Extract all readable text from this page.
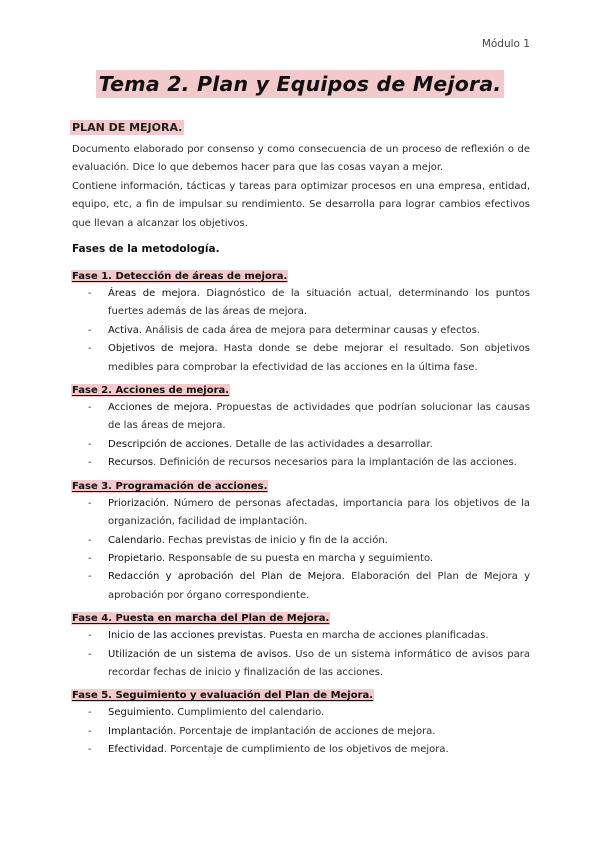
Módulo 1
Tema 2. Plan y Equipos de Mejora.
PLAN DE MEJORA.

Documento elaborado por consenso y como consecuencia de un proceso de reflexión o de evaluación. Dice lo que debemos hacer para que las cosas vayan a mejor.

Contiene información, tácticas y tareas para optimizar procesos en una empresa, entidad, equipo, etc, a fin de impulsar su rendimiento. Se desarrolla para lograr cambios efectivos que llevan a alcanzar los objetivos.

Fases de la metodología.
Fase 1. Detección de áreas de mejora.
- Áreas de mejora. Diagnóstico de la situación actual, determinando los puntos fuertes además de las áreas de mejora.
- Activa. Análisis de cada área de mejora para determinar causas y efectos.
- Objetivos de mejora. Hasta donde se debe mejorar el resultado. Son objetivos medibles para comprobar la efectividad de las acciones en la última fase.
Fase 2. Acciones de mejora.
- Acciones de mejora. Propuestas de actividades que podrían solucionar las causas de las áreas de mejora.
- Descripción de acciones. Detalle de las actividades a desarrollar.
- Recursos. Definición de recursos necesarios para la implantación de las acciones.
Fase 3. Programación de acciones.
- Priorización. Número de personas afectadas, importancia para los objetivos de la organización, facilidad de implantación.
- Calendario. Fechas previstas de inicio y fin de la acción.
- Propietario. Responsable de su puesta en marcha y seguimiento.
- Redacción y aprobación del Plan de Mejora. Elaboración del Plan de Mejora y aprobación por órgano correspondiente.
Fase 4. Puesta en marcha del Plan de Mejora.
- Inicio de las acciones previstas. Puesta en marcha de acciones planificadas.
- Utilización de un sistema de avisos. Uso de un sistema informático de avisos para recordar fechas de inicio y finalización de las acciones.
Fase 5. Seguimiento y evaluación del Plan de Mejora.
- Seguimiento. Cumplimiento del calendario.
- Implantación. Porcentaje de implantación de acciones de mejora.
- Efectividad. Porcentaje de cumplimiento de los objetivos de mejora.
